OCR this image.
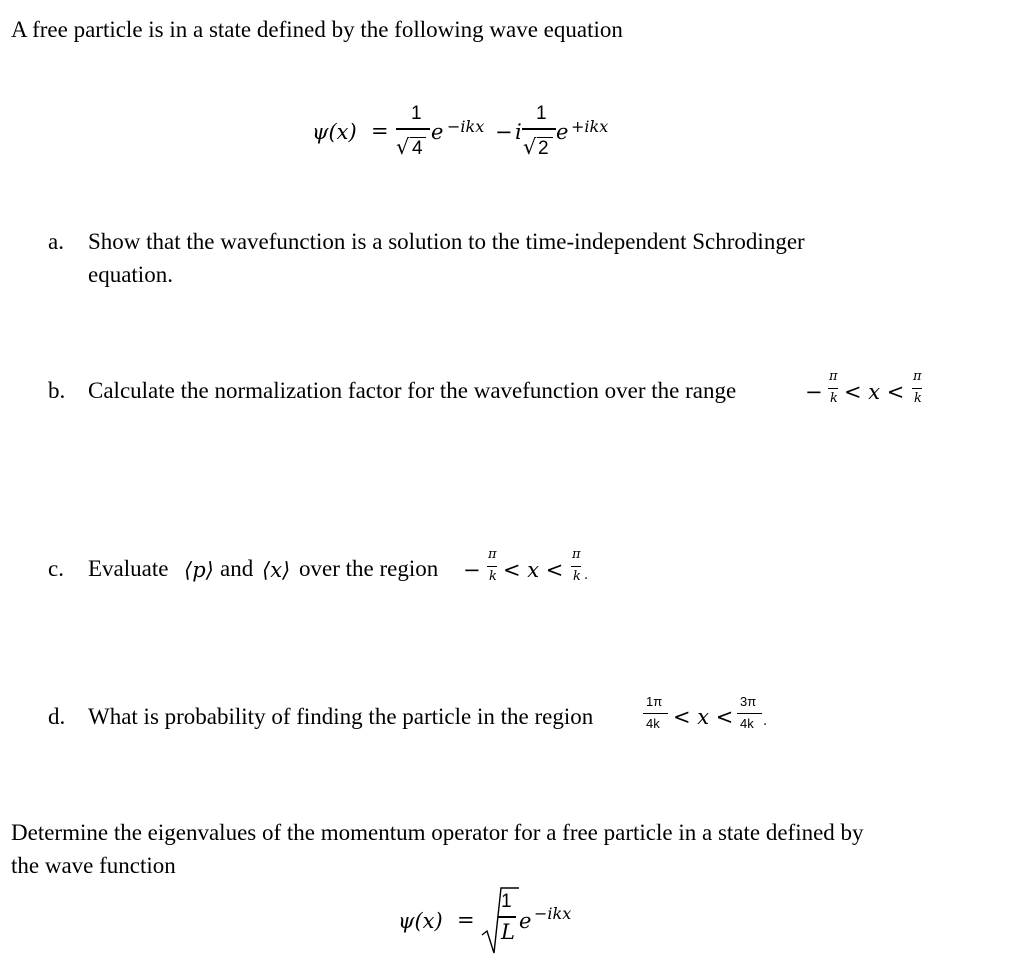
A free particle is in a state defined by the following wave equation
ψ(x) =
1
√ 4
e −ikx − i
1
√ 2
e +ikx
a. Show that the wavefunction is a solution to the time-independent Schrodinger
equation.
b. Calculate the normalization factor for the wavefunction over the range	−
π
k < x <
π
k
c. Evaluate ⟨p⟩ and ⟨x⟩ over the region −
π
k < x <
π
k .
d. What is probability of finding the particle in the region
1π
4k < x <
3π
4k .
Determine the eigenvalues of the momentum operator for a free particle in a state defined by
the wave function
ψ(x) =
1
L e −ikx
